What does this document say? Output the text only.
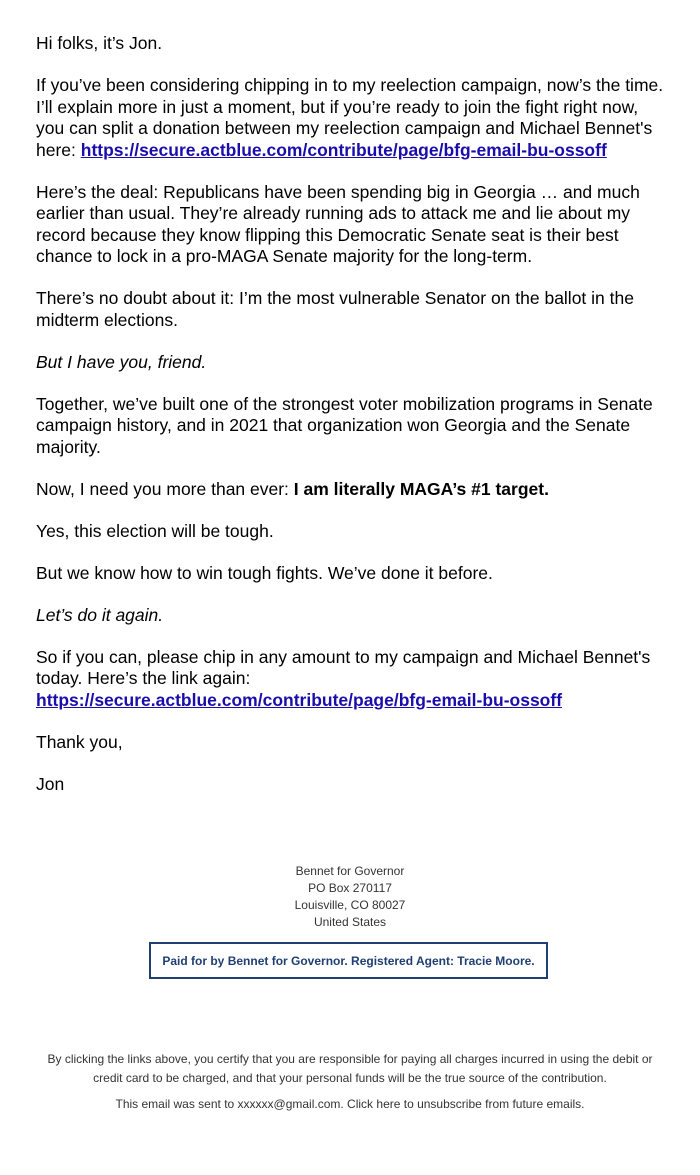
Hi folks, it’s Jon.

If you’ve been considering chipping in to my reelection campaign, now’s the time. I’ll explain more in just a moment, but if you’re ready to join the fight right now, you can split a donation between my reelection campaign and Michael Bennet's here: https://secure.actblue.com/contribute/page/bfg-email-bu-ossoff

Here’s the deal: Republicans have been spending big in Georgia … and much earlier than usual. They’re already running ads to attack me and lie about my record because they know flipping this Democratic Senate seat is their best chance to lock in a pro-MAGA Senate majority for the long-term.

There’s no doubt about it: I’m the most vulnerable Senator on the ballot in the midterm elections.

But I have you, friend.

Together, we’ve built one of the strongest voter mobilization programs in Senate campaign history, and in 2021 that organization won Georgia and the Senate majority.

Now, I need you more than ever: I am literally MAGA’s #1 target.

Yes, this election will be tough.

But we know how to win tough fights. We’ve done it before.

Let’s do it again.

So if you can, please chip in any amount to my campaign and Michael Bennet's today. Here’s the link again:
https://secure.actblue.com/contribute/page/bfg-email-bu-ossoff

Thank you,

Jon

Bennet for Governor
PO Box 270117
Louisville, CO 80027
United States
Paid for by Bennet for Governor. Registered Agent: Tracie Moore.
By clicking the links above, you certify that you are responsible for paying all charges incurred in using the debit or credit card to be charged, and that your personal funds will be the true source of the contribution.
This email was sent to xxxxxx@gmail.com. Click here to unsubscribe from future emails.
